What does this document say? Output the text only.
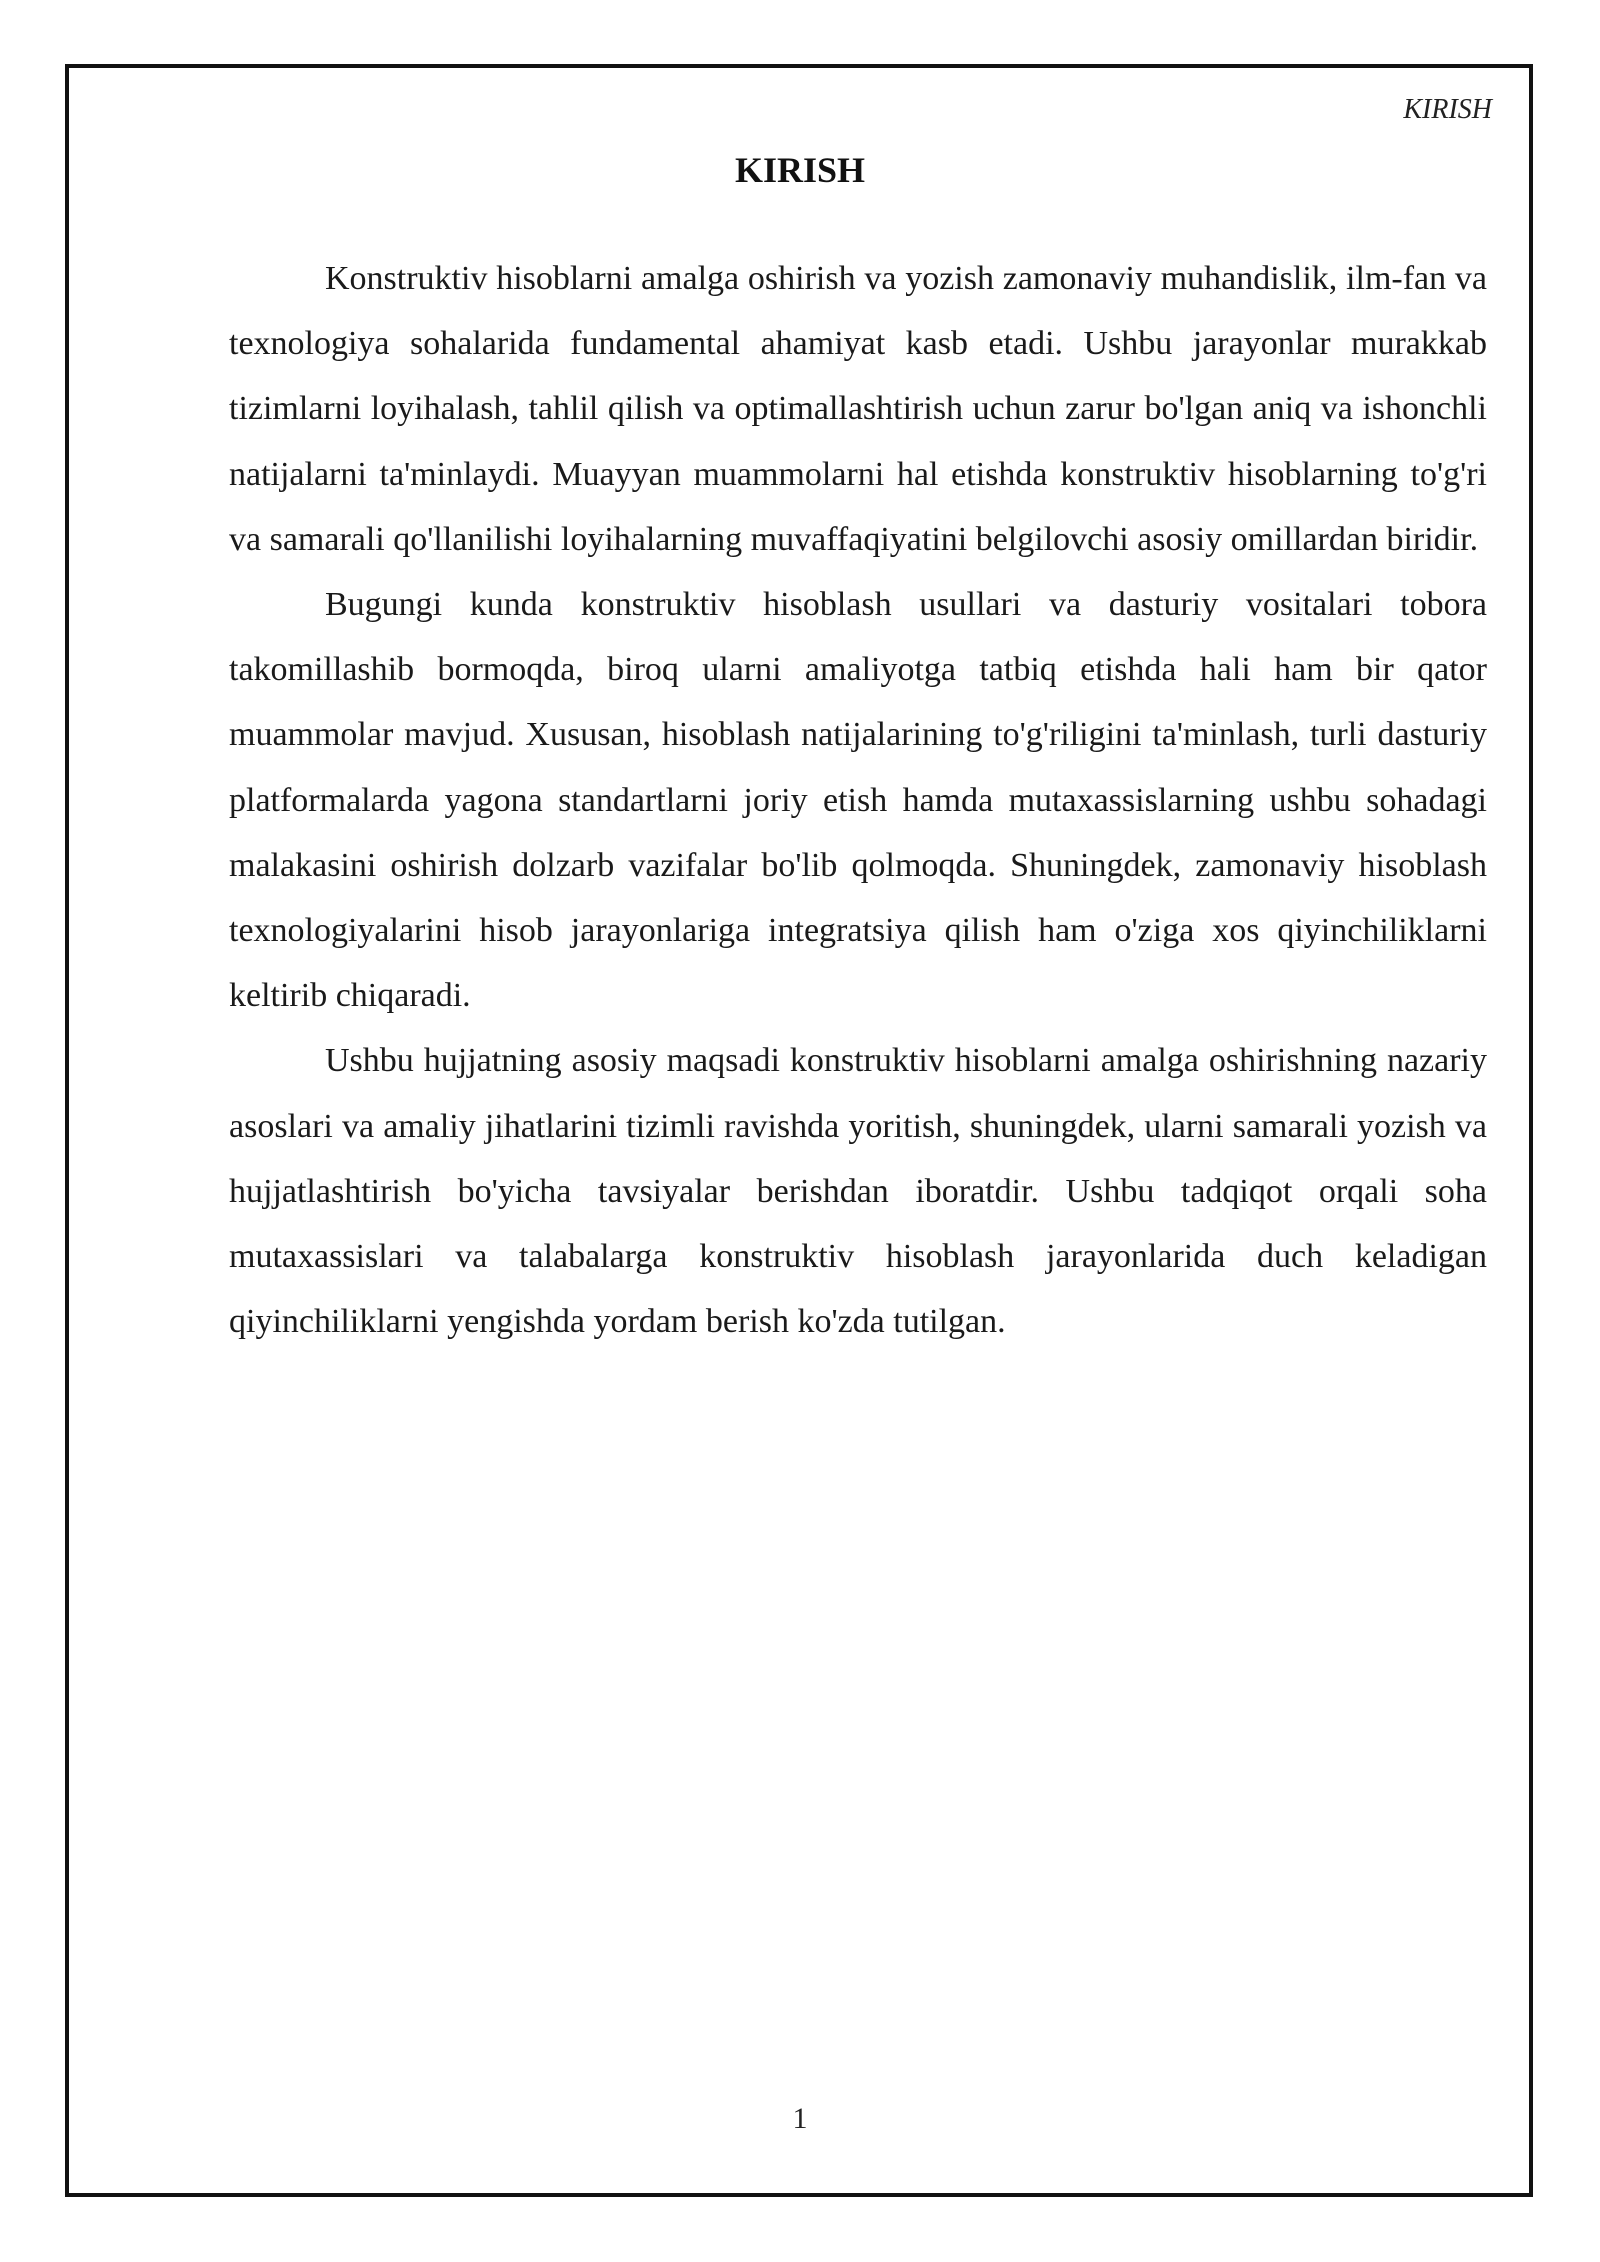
KIRISH
KIRISH

Konstruktiv hisoblarni amalga oshirish va yozish zamonaviy muhandislik, ilm-fan va texnologiya sohalarida fundamental ahamiyat kasb etadi. Ushbu jarayonlar murakkab tizimlarni loyihalash, tahlil qilish va optimallashtirish uchun zarur bo'lgan aniq va ishonchli natijalarni ta'minlaydi. Muayyan muammolarni hal etishda konstruktiv hisoblarning to'g'ri va samarali qo'llanilishi loyihalarning muvaffaqiyatini belgilovchi asosiy omillardan biridir.

Bugungi kunda konstruktiv hisoblash usullari va dasturiy vositalari tobora takomillashib bormoqda, biroq ularni amaliyotga tatbiq etishda hali ham bir qator muammolar mavjud. Xususan, hisoblash natijalarining to'g'riligini ta'minlash, turli dasturiy platformalarda yagona standartlarni joriy etish hamda mutaxassislarning ushbu sohadagi malakasini oshirish dolzarb vazifalar bo'lib qolmoqda. Shuningdek, zamonaviy hisoblash texnologiyalarini hisob jarayonlariga integratsiya qilish ham o'ziga xos qiyinchiliklarni keltirib chiqaradi.

Ushbu hujjatning asosiy maqsadi konstruktiv hisoblarni amalga oshirishning nazariy asoslari va amaliy jihatlarini tizimli ravishda yoritish, shuningdek, ularni samarali yozish va hujjatlashtirish bo'yicha tavsiyalar berishdan iboratdir. Ushbu tadqiqot orqali soha mutaxassislari va talabalarga konstruktiv hisoblash jarayonlarida duch keladigan qiyinchiliklarni yengishda yordam berish ko'zda tutilgan.

1
